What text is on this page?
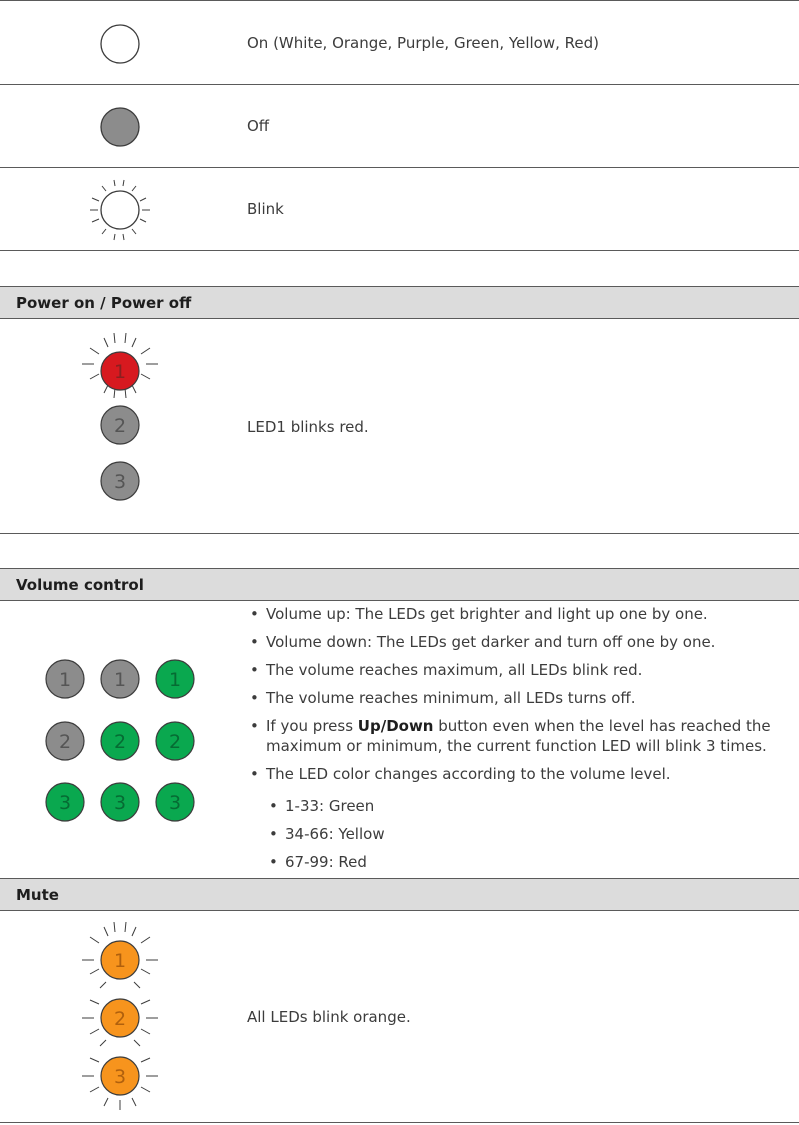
On (White, Orange, Purple, Green, Yellow, Red)
Off
Blink
Power on / Power off
1
2
3
LED1 blinks red.
Volume control
1
2
3
1
2
3
1
2
3
• Volume up: The LEDs get brighter and light up one by one.
• Volume down: The LEDs get darker and turn off one by one.
• The volume reaches maximum, all LEDs blink red.
• The volume reaches minimum, all LEDs turns off.
• If you press Up/Down button even when the level has reached the maximum or minimum, the current function LED will blink 3 times.
• The LED color changes according to the volume level.
• 1-33: Green
• 34-66: Yellow
• 67-99: Red
Mute
1
2
3
All LEDs blink orange.
